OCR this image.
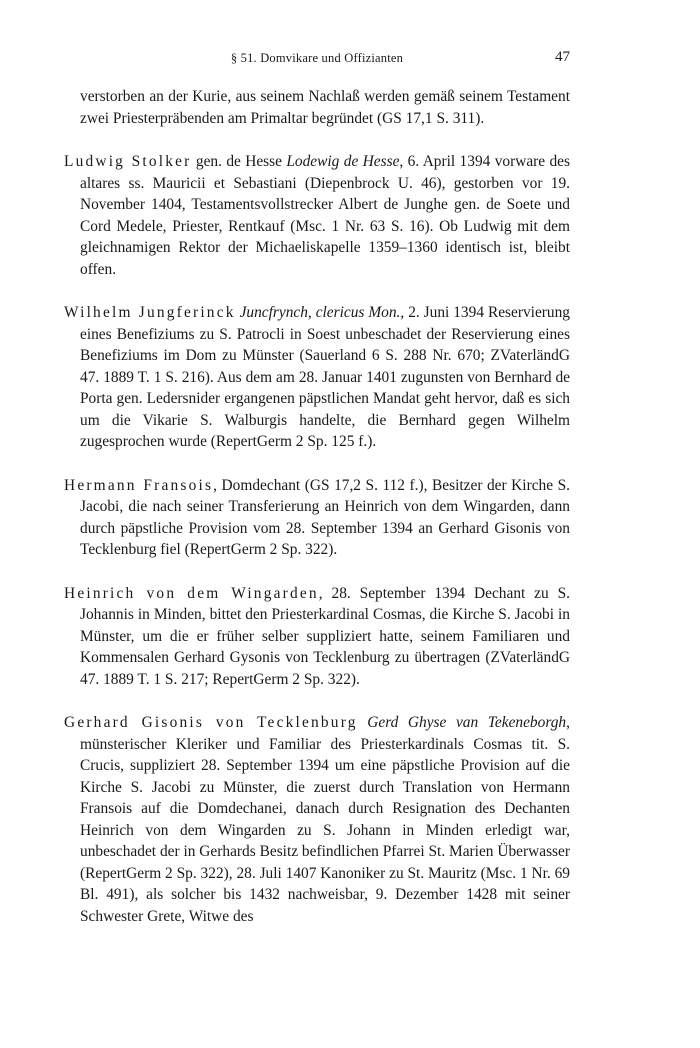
§ 51. Domvikare und Offizianten	47

verstorben an der Kurie, aus seinem Nachlaß werden gemäß seinem Testament zwei Priesterpräbenden am Primaltar begründet (GS 17,1 S. 311).

Ludwig Stolker gen. de Hesse Lodewig de Hesse, 6. April 1394 vorware des altares ss. Mauricii et Sebastiani (Diepenbrock U. 46), gestorben vor 19. November 1404, Testamentsvollstrecker Albert de Junghe gen. de Soete und Cord Medele, Priester, Rentkauf (Msc. 1 Nr. 63 S. 16). Ob Ludwig mit dem gleichnamigen Rektor der Michaeliskapelle 1359–1360 identisch ist, bleibt offen.

Wilhelm Jungferinck Juncfrynch, clericus Mon., 2. Juni 1394 Reservierung eines Benefiziums zu S. Patrocli in Soest unbeschadet der Reservierung eines Benefiziums im Dom zu Münster (Sauerland 6 S. 288 Nr. 670; ZVaterländG 47. 1889 T. 1 S. 216). Aus dem am 28. Januar 1401 zugunsten von Bernhard de Porta gen. Ledersnider ergangenen päpstlichen Mandat geht hervor, daß es sich um die Vikarie S. Walburgis handelte, die Bernhard gegen Wilhelm zugesprochen wurde (RepertGerm 2 Sp. 125 f.).

Hermann Fransois, Domdechant (GS 17,2 S. 112 f.), Besitzer der Kirche S. Jacobi, die nach seiner Transferierung an Heinrich von dem Wingarden, dann durch päpstliche Provision vom 28. September 1394 an Gerhard Gisonis von Tecklenburg fiel (RepertGerm 2 Sp. 322).

Heinrich von dem Wingarden, 28. September 1394 Dechant zu S. Johannis in Minden, bittet den Priesterkardinal Cosmas, die Kirche S. Jacobi in Münster, um die er früher selber suppliziert hatte, seinem Familiaren und Kommensalen Gerhard Gysonis von Tecklenburg zu übertragen (ZVaterländG 47. 1889 T. 1 S. 217; RepertGerm 2 Sp. 322).

Gerhard Gisonis von Tecklenburg Gerd Ghyse van Tekeneborgh, münsterischer Kleriker und Familiar des Priesterkardinals Cosmas tit. S. Crucis, suppliziert 28. September 1394 um eine päpstliche Provision auf die Kirche S. Jacobi zu Münster, die zuerst durch Translation von Hermann Fransois auf die Domdechanei, danach durch Resignation des Dechanten Heinrich von dem Wingarden zu S. Johann in Minden erledigt war, unbeschadet der in Gerhards Besitz befindlichen Pfarrei St. Marien Überwasser (RepertGerm 2 Sp. 322), 28. Juli 1407 Kanoniker zu St. Mauritz (Msc. 1 Nr. 69 Bl. 491), als solcher bis 1432 nachweisbar, 9. Dezember 1428 mit seiner Schwester Grete, Witwe des
